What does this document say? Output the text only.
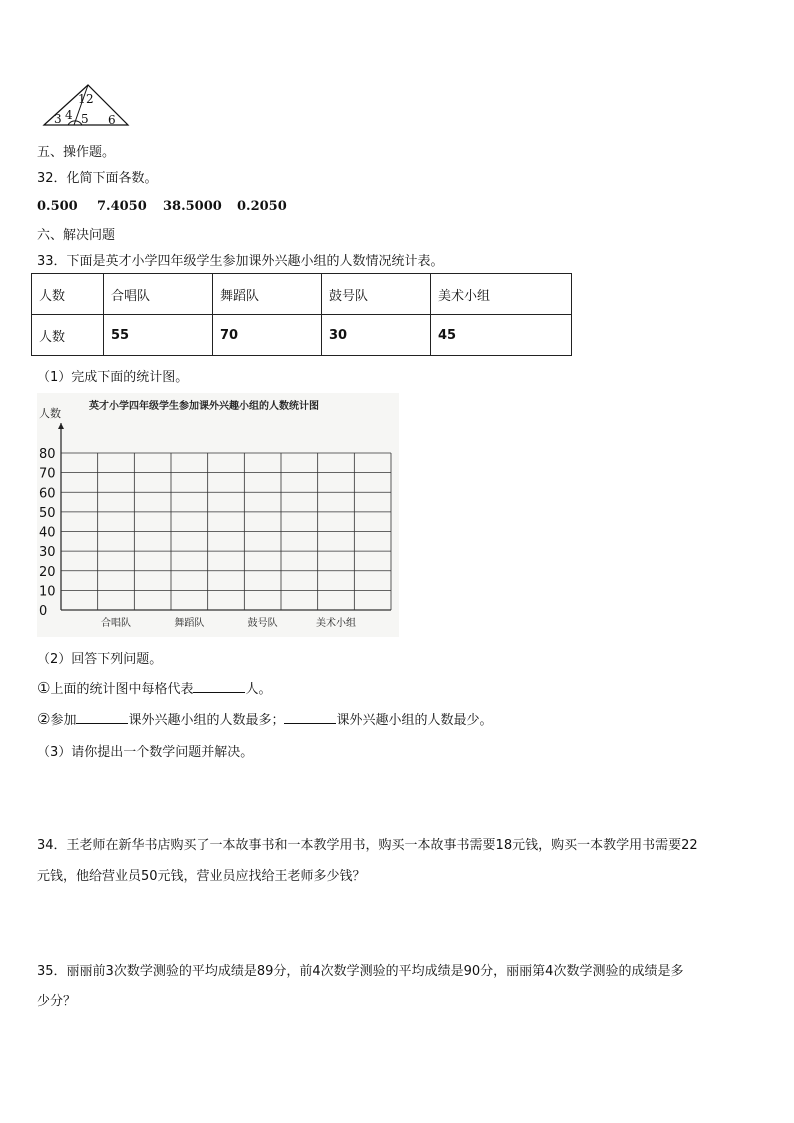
1 2
3 4 5 6
五、操作题。
32．化简下面各数。
0.500 7.4050 38.5000 0.2050
六、解决问题
33．下面是英才小学四年级学生参加课外兴趣小组的人数情况统计表。
人数	合唱队	舞蹈队	鼓号队	美术小组
人数	55	70	30	45
（1）完成下面的统计图。
英才小学四年级学生参加课外兴趣小组的人数统计图
人数
0
10
20
30
40
50
60
70
80
合唱队	舞蹈队	鼓号队	美术小组
（2）回答下列问题。
①上面的统计图中每格代表	人。
②参加	课外兴趣小组的人数最多；	课外兴趣小组的人数最少。
（3）请你提出一个数学问题并解决。
34．王老师在新华书店购买了一本故事书和一本教学用书，购买一本故事书需要18元钱，购买一本教学用书需要22
元钱，他给营业员50元钱，营业员应找给王老师多少钱？
35．丽丽前3次数学测验的平均成绩是89分，前4次数学测验的平均成绩是90分，丽丽第4次数学测验的成绩是多
少分？
